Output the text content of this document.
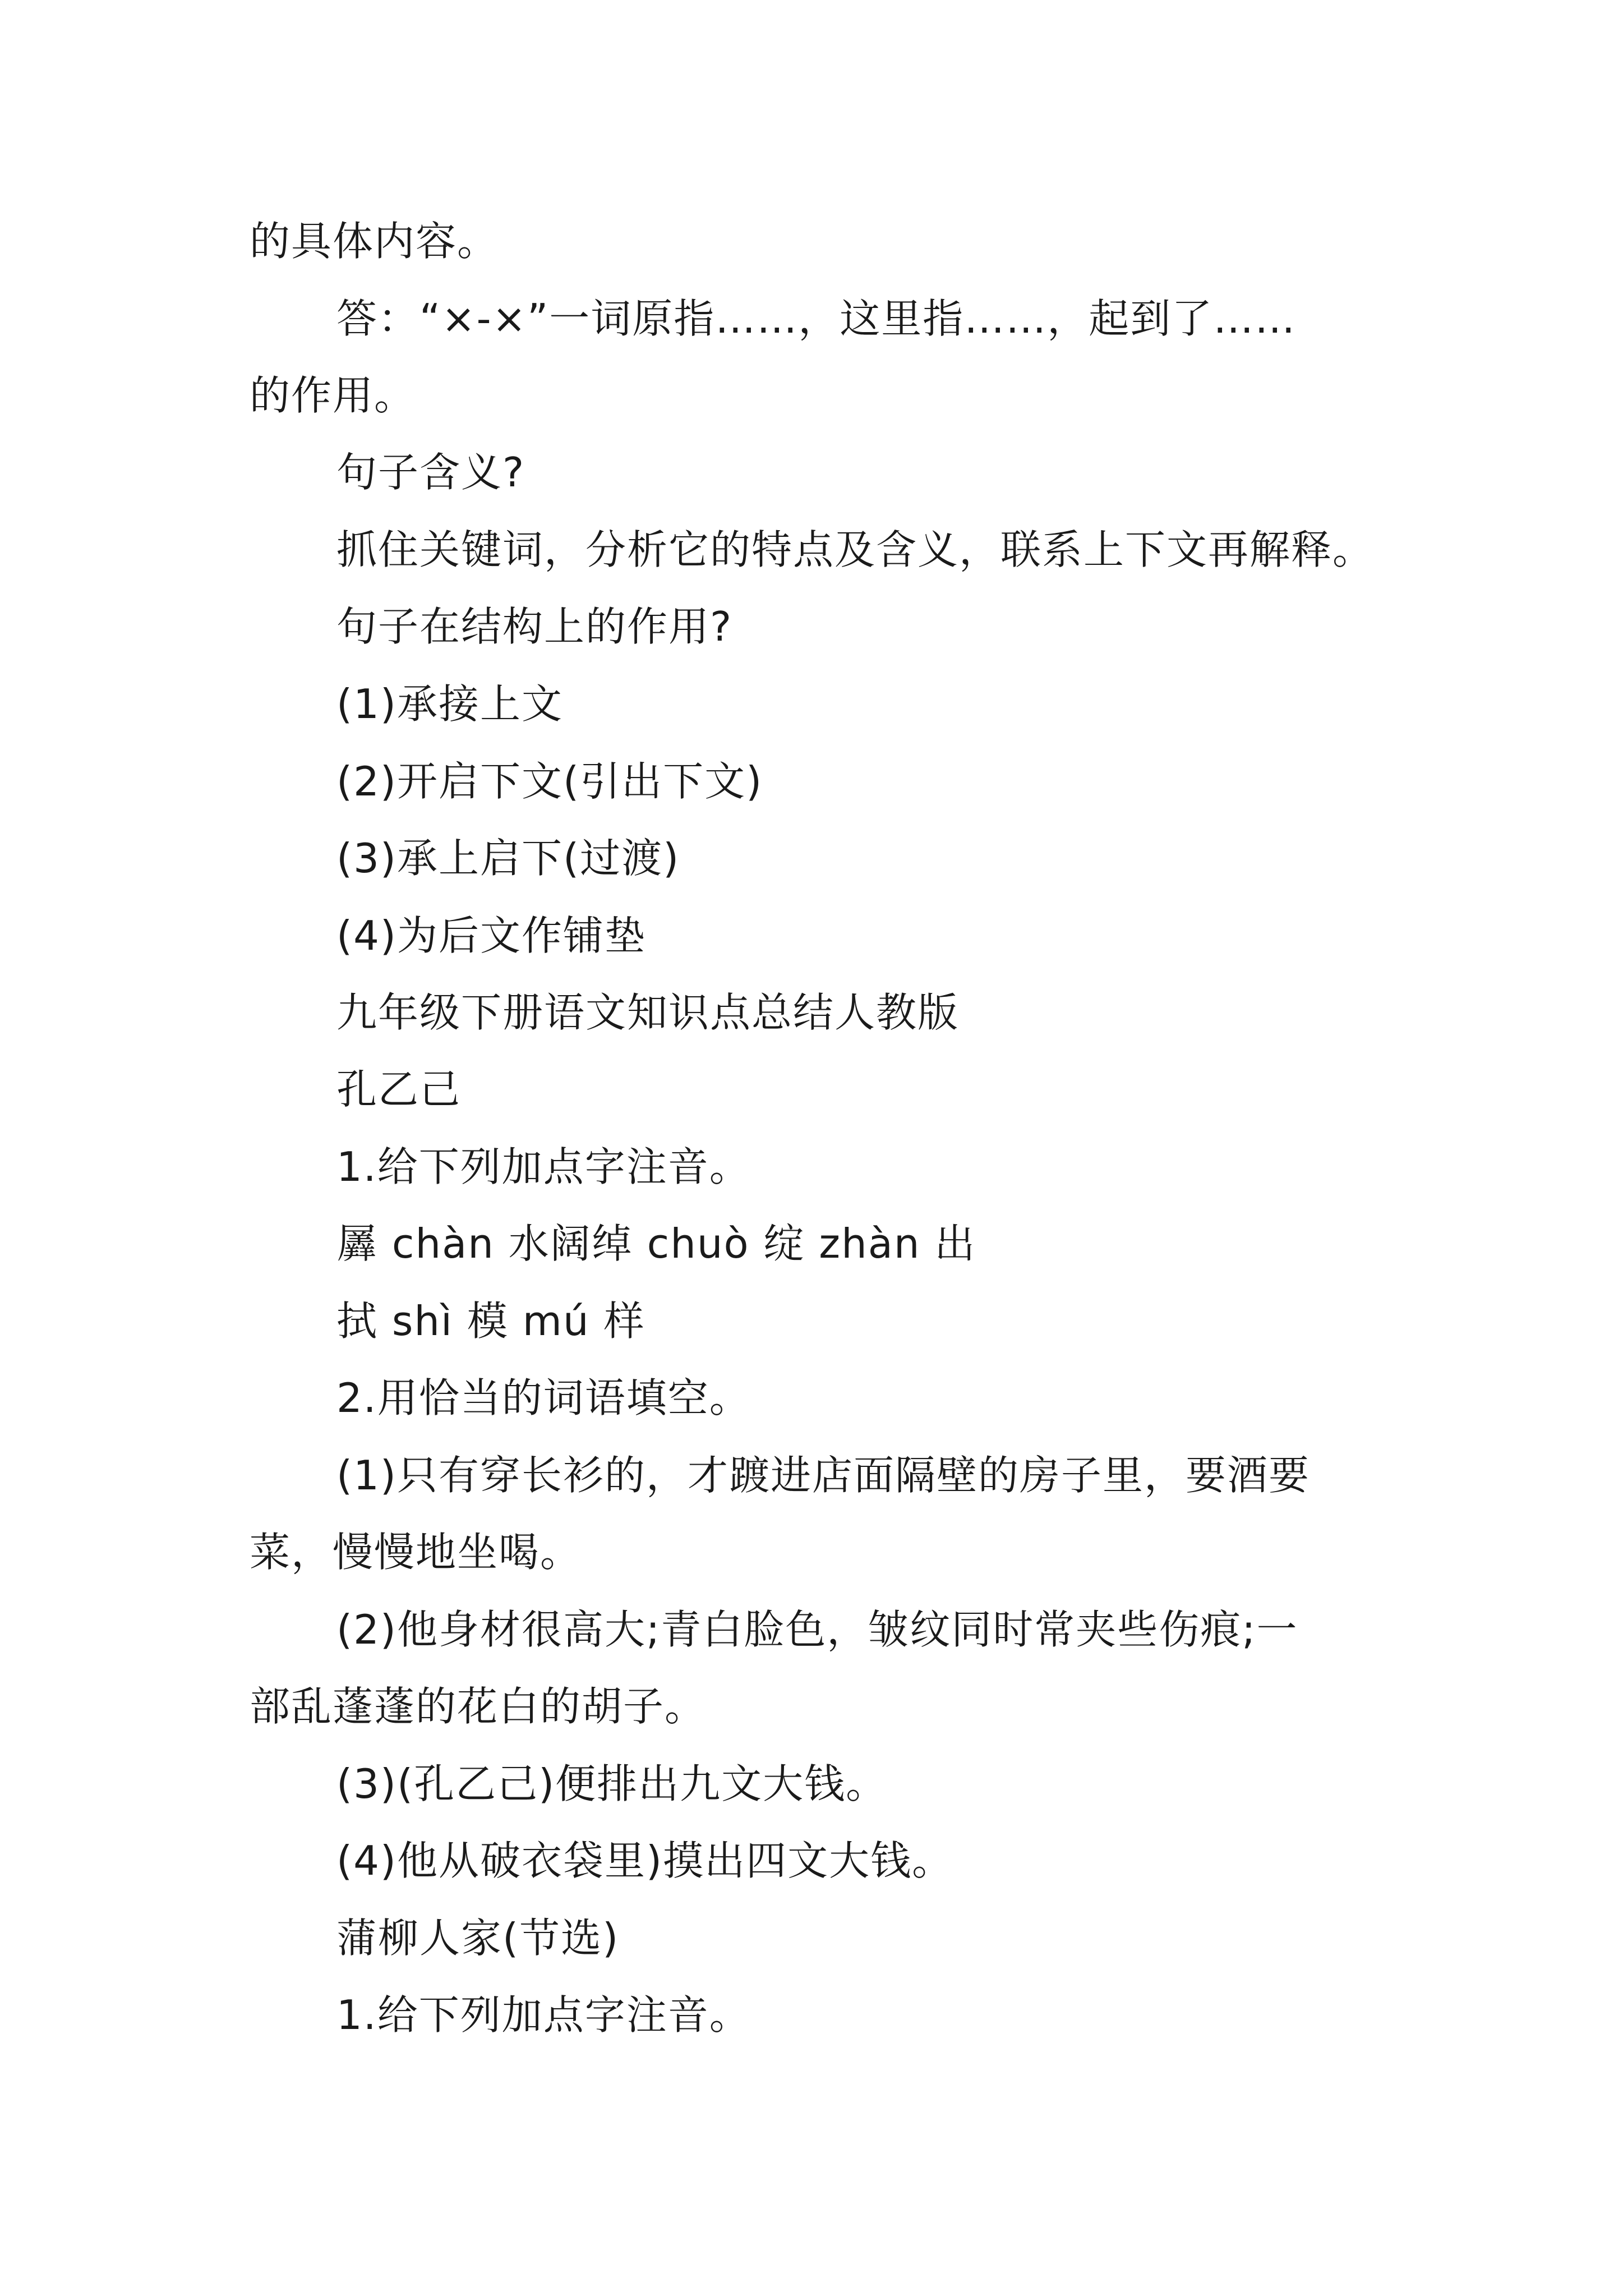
的具体内容。
答：“×-×”一词原指……，这里指……，起到了……
的作用。
句子含义?
抓住关键词，分析它的特点及含义，联系上下文再解释。
句子在结构上的作用?
(1)承接上文
(2)开启下文(引出下文)
(3)承上启下(过渡)
(4)为后文作铺垫
九年级下册语文知识点总结人教版
孔乙己
1.给下列加点字注音。
羼 chàn 水阔绰 chuò 绽 zhàn 出
拭 shì 模 mú 样
2.用恰当的词语填空。
(1)只有穿长衫的，才踱进店面隔壁的房子里，要酒要
菜，慢慢地坐喝。
(2)他身材很高大;青白脸色，皱纹同时常夹些伤痕;一
部乱蓬蓬的花白的胡子。
(3)(孔乙己)便排出九文大钱。
(4)他从破衣袋里)摸出四文大钱。
蒲柳人家(节选)
1.给下列加点字注音。
